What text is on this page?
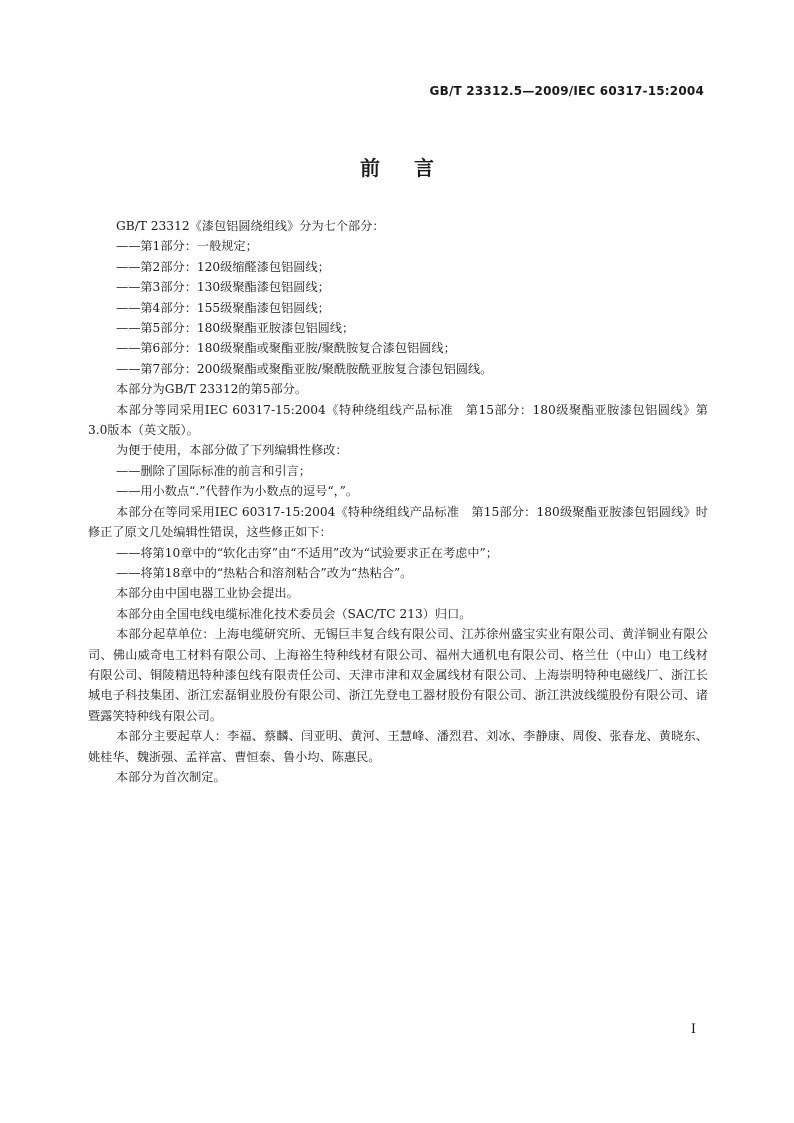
GB/T 23312.5—2009/IEC 60317-15:2004
前言

GB/T 23312《漆包铝圆绕组线》分为七个部分：

——第1部分：一般规定；

——第2部分：120级缩醛漆包铝圆线；

——第3部分：130级聚酯漆包铝圆线；

——第4部分：155级聚酯漆包铝圆线；

——第5部分：180级聚酯亚胺漆包铝圆线；

——第6部分：180级聚酯或聚酯亚胺/聚酰胺复合漆包铝圆线；

——第7部分：200级聚酯或聚酯亚胺/聚酰胺酰亚胺复合漆包铝圆线。

本部分为GB/T 23312的第5部分。

本部分等同采用IEC 60317-15:2004《特种绕组线产品标准　第15部分：180级聚酯亚胺漆包铝圆线》第3.0版本（英文版）。

为便于使用，本部分做了下列编辑性修改：

——删除了国际标准的前言和引言；

——用小数点“.”代替作为小数点的逗号“，”。

本部分在等同采用IEC 60317-15:2004《特种绕组线产品标准　第15部分：180级聚酯亚胺漆包铝圆线》时修正了原文几处编辑性错误，这些修正如下：

——将第10章中的“软化击穿”由“不适用”改为“试验要求正在考虑中”；

——将第18章中的“热粘合和溶剂粘合”改为“热粘合”。

本部分由中国电器工业协会提出。

本部分由全国电线电缆标准化技术委员会（SAC/TC 213）归口。

本部分起草单位：上海电缆研究所、无锡巨丰复合线有限公司、江苏徐州盛宝实业有限公司、黄洋铜业有限公司、佛山威奇电工材料有限公司、上海裕生特种线材有限公司、福州大通机电有限公司、格兰仕（中山）电工线材有限公司、铜陵精迅特种漆包线有限责任公司、天津市津和双金属线材有限公司、上海崇明特种电磁线厂、浙江长城电子科技集团、浙江宏磊铜业股份有限公司、浙江先登电工器材股份有限公司、浙江洪波线缆股份有限公司、诸暨露笑特种线有限公司。

本部分主要起草人：李福、蔡麟、闫亚明、黄河、王慧峰、潘烈君、刘冰、李静康、周俊、张春龙、黄晓东、姚桂华、魏浙强、孟祥富、曹恒泰、鲁小均、陈惠民。

本部分为首次制定。

I
